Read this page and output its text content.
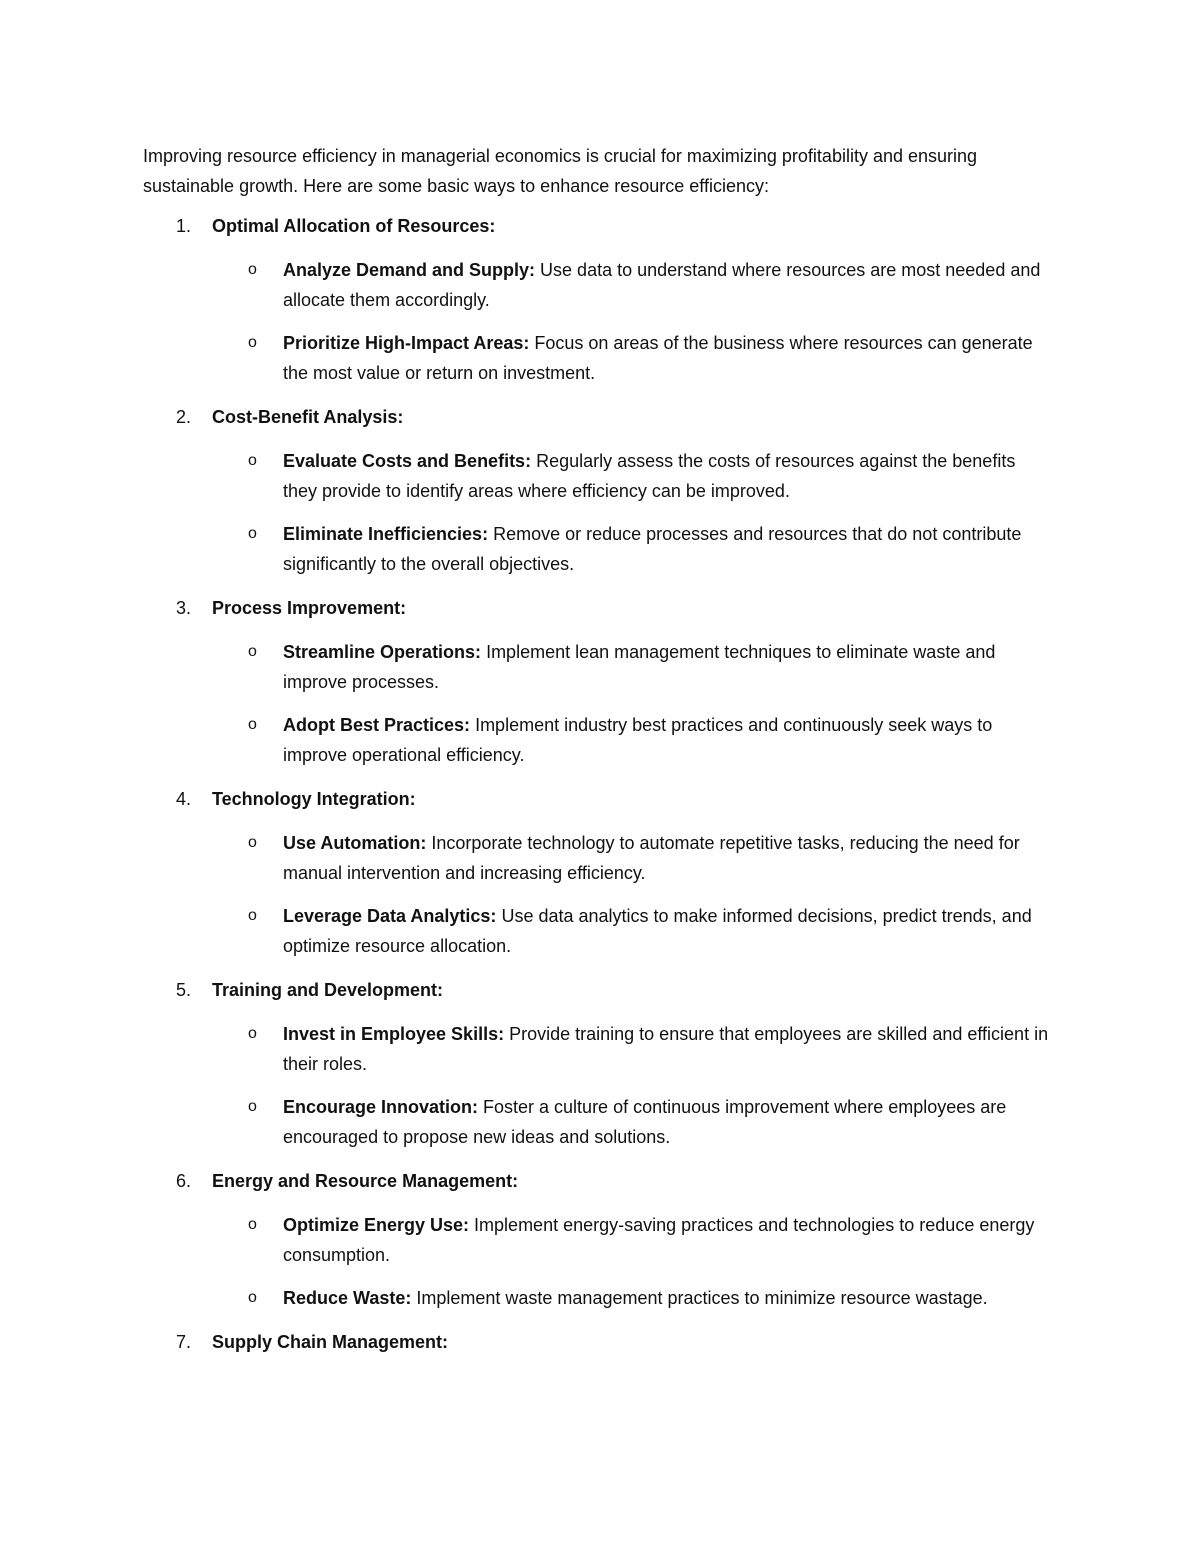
Improving resource efficiency in managerial economics is crucial for maximizing profitability and ensuring sustainable growth. Here are some basic ways to enhance resource efficiency:

1. Optimal Allocation of Resources:
o Analyze Demand and Supply: Use data to understand where resources are most needed and allocate them accordingly.
o Prioritize High-Impact Areas: Focus on areas of the business where resources can generate the most value or return on investment.
2. Cost-Benefit Analysis:
o Evaluate Costs and Benefits: Regularly assess the costs of resources against the benefits they provide to identify areas where efficiency can be improved.
o Eliminate Inefficiencies: Remove or reduce processes and resources that do not contribute significantly to the overall objectives.
3. Process Improvement:
o Streamline Operations: Implement lean management techniques to eliminate waste and improve processes.
o Adopt Best Practices: Implement industry best practices and continuously seek ways to improve operational efficiency.
4. Technology Integration:
o Use Automation: Incorporate technology to automate repetitive tasks, reducing the need for manual intervention and increasing efficiency.
o Leverage Data Analytics: Use data analytics to make informed decisions, predict trends, and optimize resource allocation.
5. Training and Development:
o Invest in Employee Skills: Provide training to ensure that employees are skilled and efficient in their roles.
o Encourage Innovation: Foster a culture of continuous improvement where employees are encouraged to propose new ideas and solutions.
6. Energy and Resource Management:
o Optimize Energy Use: Implement energy-saving practices and technologies to reduce energy consumption.
o Reduce Waste: Implement waste management practices to minimize resource wastage.
7. Supply Chain Management:
